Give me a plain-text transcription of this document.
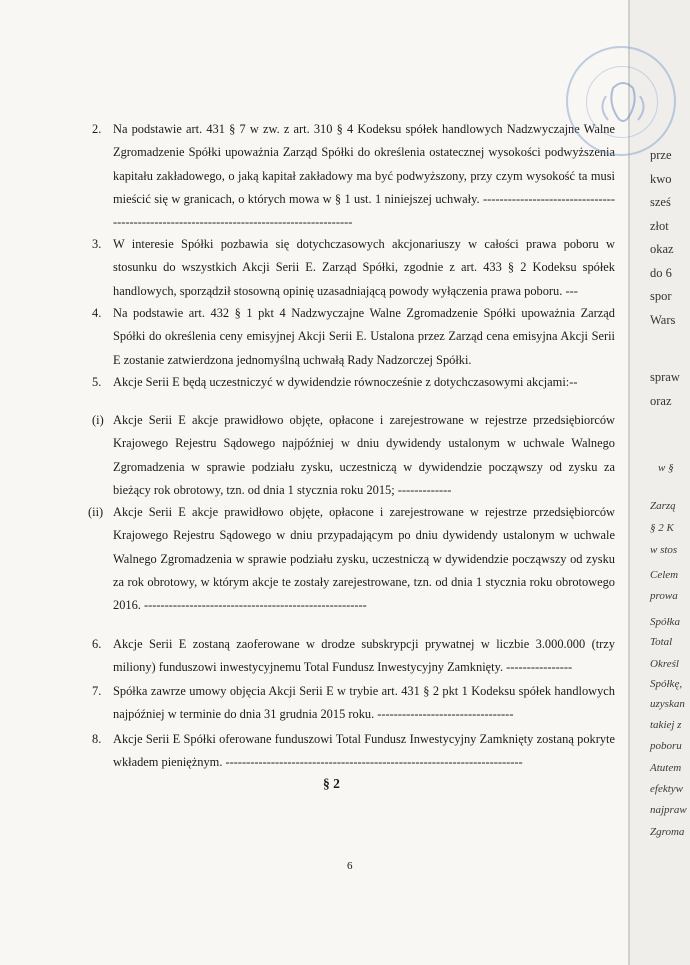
2. Na podstawie art. 431 § 7 w zw. z art. 310 § 4 Kodeksu spółek handlowych Nadzwyczajne Walne Zgromadzenie Spółki upoważnia Zarząd Spółki do określenia ostatecznej wysokości podwyższenia kapitału zakładowego, o jaką kapitał zakładowy ma być podwyższony, przy czym wysokość ta musi mieścić się w granicach, o których mowa w § 1 ust. 1 niniejszej uchwały. ------------------------------------------------------------------------------------------
3. W interesie Spółki pozbawia się dotychczasowych akcjonariuszy w całości prawa poboru w stosunku do wszystkich Akcji Serii E. Zarząd Spółki, zgodnie z art. 433 § 2 Kodeksu spółek handlowych, sporządził stosowną opinię uzasadniającą powody wyłączenia prawa poboru. ---
4. Na podstawie art. 432 § 1 pkt 4 Nadzwyczajne Walne Zgromadzenie Spółki upoważnia Zarząd Spółki do określenia ceny emisyjnej Akcji Serii E. Ustalona przez Zarząd cena emisyjna Akcji Serii E zostanie zatwierdzona jednomyślną uchwałą Rady Nadzorczej Spółki.
5. Akcje Serii E będą uczestniczyć w dywidendzie równocześnie z dotychczasowymi akcjami:--
(i) Akcje Serii E akcje prawidłowo objęte, opłacone i zarejestrowane w rejestrze przedsiębiorców Krajowego Rejestru Sądowego najpóźniej w dniu dywidendy ustalonym w uchwale Walnego Zgromadzenia w sprawie podziału zysku, uczestniczą w dywidendzie począwszy od zysku za bieżący rok obrotowy, tzn. od dnia 1 stycznia roku 2015; -------------
(ii) Akcje Serii E akcje prawidłowo objęte, opłacone i zarejestrowane w rejestrze przedsiębiorców Krajowego Rejestru Sądowego w dniu przypadającym po dniu dywidendy ustalonym w uchwale Walnego Zgromadzenia w sprawie podziału zysku, uczestniczą w dywidendzie począwszy od zysku za rok obrotowy, w którym akcje te zostały zarejestrowane, tzn. od dnia 1 stycznia roku obrotowego 2016. ------------------------------------------------------
6. Akcje Serii E zostaną zaoferowane w drodze subskrypcji prywatnej w liczbie 3.000.000 (trzy miliony) funduszowi inwestycyjnemu Total Fundusz Inwestycyjny Zamknięty. ----------------
7. Spółka zawrze umowy objęcia Akcji Serii E w trybie art. 431 § 2 pkt 1 Kodeksu spółek handlowych najpóźniej w terminie do dnia 31 grudnia 2015 roku. ---------------------------------
8. Akcje Serii E Spółki oferowane funduszowi Total Fundusz Inwestycyjny Zamknięty zostaną pokryte wkładem pieniężnym. ------------------------------------------------------------------------
§ 2
6
prze
kwo
sześ
złot
okaz
do 6
spor
Wars
spraw
oraz
w §
Zarzą
§ 2 K
w stos
Celem
prowa
Spółka
Total
Określ
Spółkę,
uzyskan
takiej z
poboru
Atutem
efektyw
najpraw
Zgroma
